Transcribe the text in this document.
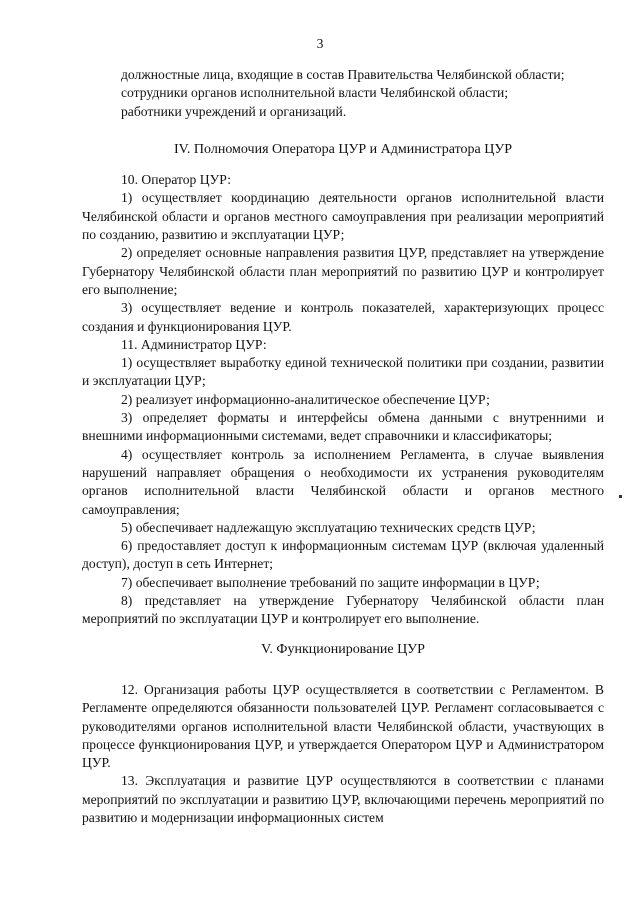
3

должностные лица, входящие в состав Правительства Челябинской области;

сотрудники органов исполнительной власти Челябинской области;

работники учреждений и организаций.

IV. Полномочия Оператора ЦУР и Администратора ЦУР

10. Оператор ЦУР:

1) осуществляет координацию деятельности органов исполнительной власти Челябинской области и органов местного самоуправления при реализации мероприятий по созданию, развитию и эксплуатации ЦУР;

2) определяет основные направления развития ЦУР, представляет на утверждение Губернатору Челябинской области план мероприятий по развитию ЦУР и контролирует его выполнение;

3) осуществляет ведение и контроль показателей, характеризующих процесс создания и функционирования ЦУР.

11. Администратор ЦУР:

1) осуществляет выработку единой технической политики при создании, развитии и эксплуатации ЦУР;

2) реализует информационно-аналитическое обеспечение ЦУР;

3) определяет форматы и интерфейсы обмена данными с внутренними и внешними информационными системами, ведет справочники и классификаторы;

4) осуществляет контроль за исполнением Регламента, в случае выявления нарушений направляет обращения о необходимости их устранения руководителям органов исполнительной власти Челябинской области и органов местного самоуправления;

5) обеспечивает надлежащую эксплуатацию технических средств ЦУР;

6) предоставляет доступ к информационным системам ЦУР (включая удаленный доступ), доступ в сеть Интернет;

7) обеспечивает выполнение требований по защите информации в ЦУР;

8) представляет на утверждение Губернатору Челябинской области план мероприятий по эксплуатации ЦУР и контролирует его выполнение.

V. Функционирование ЦУР

12. Организация работы ЦУР осуществляется в соответствии с Регламентом. В Регламенте определяются обязанности пользователей ЦУР. Регламент согласовывается с руководителями органов исполнительной власти Челябинской области, участвующих в процессе функционирования ЦУР, и утверждается Оператором ЦУР и Администратором ЦУР.

13. Эксплуатация и развитие ЦУР осуществляются в соответствии с планами мероприятий по эксплуатации и развитию ЦУР, включающими перечень мероприятий по развитию и модернизации информационных систем
